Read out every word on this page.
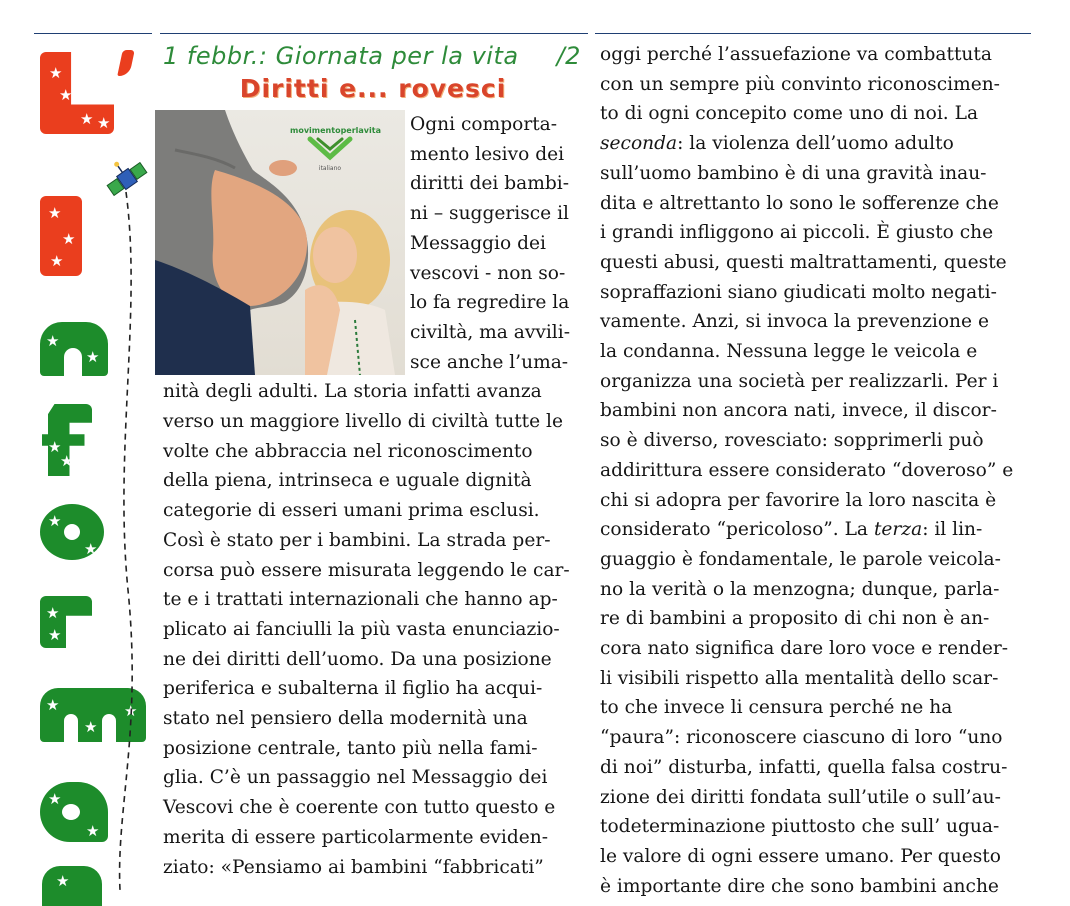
★
★
★ ★
★
★
★
★
★
★
★
★
★
★
★
★
★
★
★
★
★
1 febbr.: Giornata per la vita /2
Diritti e... rovesci
movimentoperlavita
italiano
Ogni comporta-
mento lesivo dei
diritti dei bambi-
ni – suggerisce il
Messaggio dei
vescovi - non so-
lo fa regredire la
civiltà, ma avvili-
sce anche l’uma-
nità degli adulti. La storia infatti avanza
verso un maggiore livello di civiltà tutte le
volte che abbraccia nel riconoscimento
della piena, intrinseca e uguale dignità
categorie di esseri umani prima esclusi.
Così è stato per i bambini. La strada per-
corsa può essere misurata leggendo le car-
te e i trattati internazionali che hanno ap-
plicato ai fanciulli la più vasta enunciazio-
ne dei diritti dell’uomo. Da una posizione
periferica e subalterna il figlio ha acqui-
stato nel pensiero della modernità una
posizione centrale, tanto più nella fami-
glia. C’è un passaggio nel Messaggio dei
Vescovi che è coerente con tutto questo e
merita di essere particolarmente eviden-
ziato: «Pensiamo ai bambini “fabbricati”
oggi perché l’assuefazione va combattuta
con un sempre più convinto riconoscimen-
to di ogni concepito come uno di noi. La
seconda: la violenza dell’uomo adulto
sull’uomo bambino è di una gravità inau-
dita e altrettanto lo sono le sofferenze che
i grandi infliggono ai piccoli. È giusto che
questi abusi, questi maltrattamenti, queste
sopraffazioni siano giudicati molto negati-
vamente. Anzi, si invoca la prevenzione e
la condanna. Nessuna legge le veicola e
organizza una società per realizzarli. Per i
bambini non ancora nati, invece, il discor-
so è diverso, rovesciato: sopprimerli può
addirittura essere considerato “doveroso” e
chi si adopra per favorire la loro nascita è
considerato “pericoloso”. La terza: il lin-
guaggio è fondamentale, le parole veicola-
no la verità o la menzogna; dunque, parla-
re di bambini a proposito di chi non è an-
cora nato significa dare loro voce e render-
li visibili rispetto alla mentalità dello scar-
to che invece li censura perché ne ha
“paura”: riconoscere ciascuno di loro “uno
di noi” disturba, infatti, quella falsa costru-
zione dei diritti fondata sull’utile o sull’au-
todeterminazione piuttosto che sull’ ugua-
le valore di ogni essere umano. Per questo
è importante dire che sono bambini anche
